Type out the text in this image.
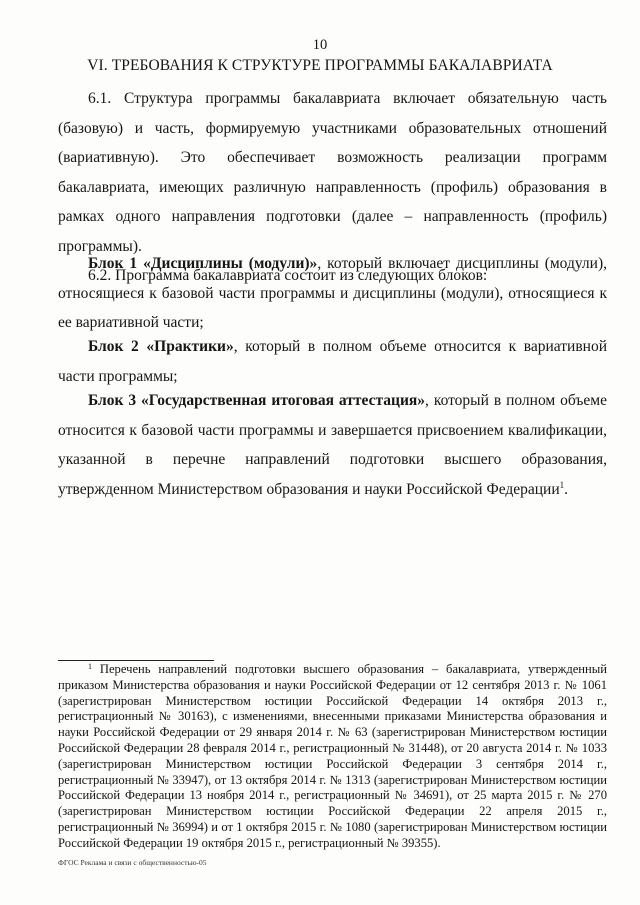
10
VI. ТРЕБОВАНИЯ К СТРУКТУРЕ ПРОГРАММЫ БАКАЛАВРИАТА

6.1. Структура программы бакалавриата включает обязательную часть (базовую) и часть, формируемую участниками образовательных отношений (вариативную). Это обеспечивает возможность реализации программ бакалавриата, имеющих различную направленность (профиль) образования в рамках одного направления подготовки (далее – направленность (профиль) программы).

6.2. Программа бакалавриата состоит из следующих блоков:

Блок 1 «Дисциплины (модули)», который включает дисциплины (модули), относящиеся к базовой части программы и дисциплины (модули), относящиеся к ее вариативной части;

Блок 2 «Практики», который в полном объеме относится к вариативной части программы;

Блок 3 «Государственная итоговая аттестация», который в полном объеме относится к базовой части программы и завершается присвоением квалификации, указанной в перечне направлений подготовки высшего образования, утвержденном Министерством образования и науки Российской Федерации$^1$.

$^1$ Перечень направлений подготовки высшего образования – бакалавриата, утвержденный приказом Министерства образования и науки Российской Федерации от 12 сентября 2013 г. № 1061 (зарегистрирован Министерством юстиции Российской Федерации 14 октября 2013 г., регистрационный № 30163), с изменениями, внесенными приказами Министерства образования и науки Российской Федерации от 29 января 2014 г. № 63 (зарегистрирован Министерством юстиции Российской Федерации 28 февраля 2014 г., регистрационный № 31448), от 20 августа 2014 г. № 1033 (зарегистрирован Министерством юстиции Российской Федерации 3 сентября 2014 г., регистрационный № 33947), от 13 октября 2014 г. № 1313 (зарегистрирован Министерством юстиции Российской Федерации 13 ноября 2014 г., регистрационный № 34691), от 25 марта 2015 г. № 270 (зарегистрирован Министерством юстиции Российской Федерации 22 апреля 2015 г., регистрационный № 36994) и от 1 октября 2015 г. № 1080 (зарегистрирован Министерством юстиции Российской Федерации 19 октября 2015 г., регистрационный № 39355).
ФГОС Реклама и связи с общественностью-05
